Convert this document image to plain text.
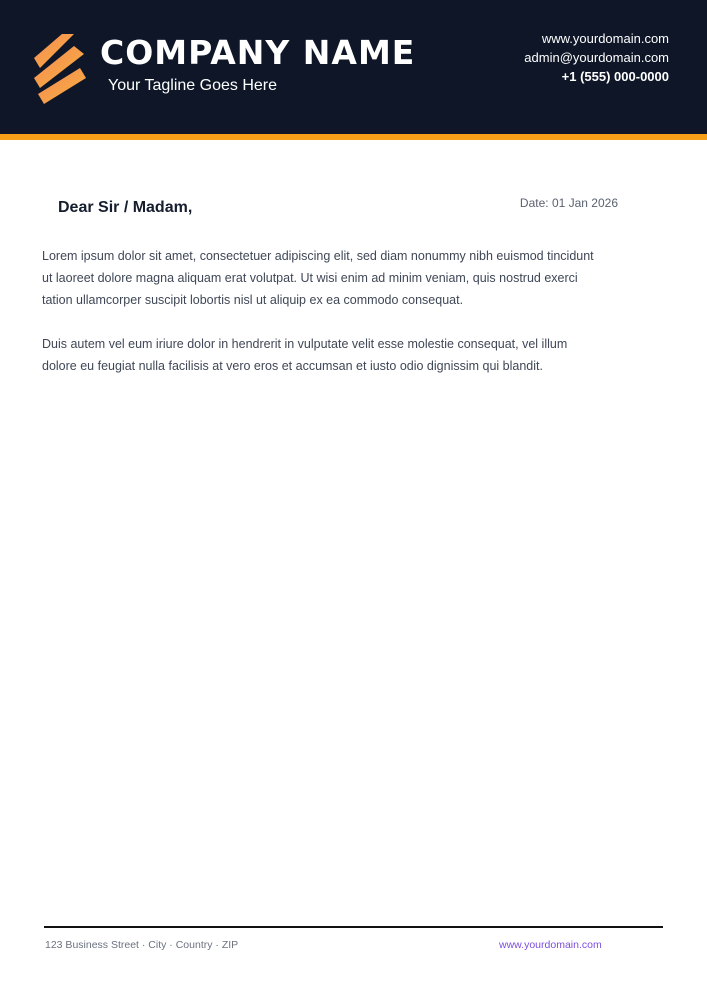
COMPANY NAME
Your Tagline Goes Here
www.yourdomain.com
admin@yourdomain.com
+1 (555) 000-0000
Dear Sir / Madam,	Date: 01 Jan 2026

Lorem ipsum dolor sit amet, consectetuer adipiscing elit, sed diam nonummy nibh euismod tincidunt ut laoreet dolore magna aliquam erat volutpat. Ut wisi enim ad minim veniam, quis nostrud exerci tation ullamcorper suscipit lobortis nisl ut aliquip ex ea commodo consequat.

Duis autem vel eum iriure dolor in hendrerit in vulputate velit esse molestie consequat, vel illum dolore eu feugiat nulla facilisis at vero eros et accumsan et iusto odio dignissim qui blandit.

123 Business Street · City · Country · ZIP	www.yourdomain.com
